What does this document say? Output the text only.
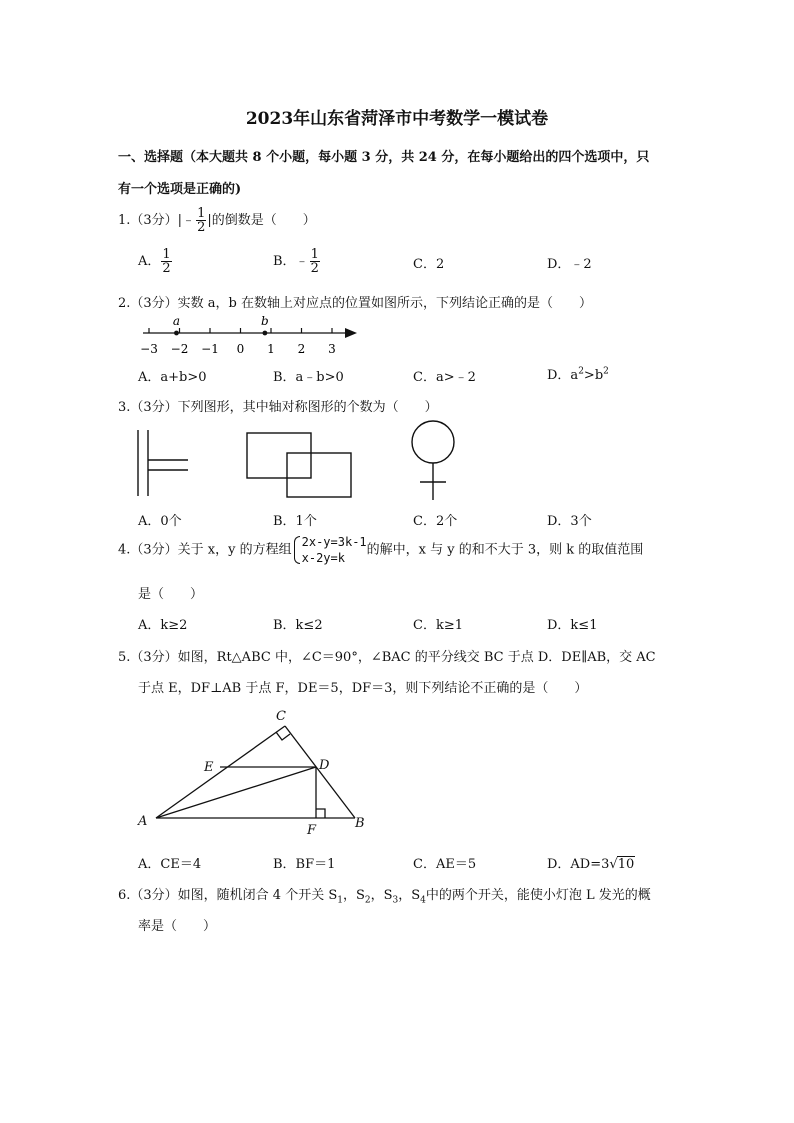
2023年山东省菏泽市中考数学一模试卷
一、选择题（本大题共 8 个小题，每小题 3 分，共 24 分，在每小题给出的四个选项中，只
有一个选项是正确的)
1.（3分）|﹣ $\frac{1}{2}$ |的倒数是（　　）
A． $\frac{1}{2}$	B．﹣ $\frac{1}{2}$	C．2	D．﹣2
2.（3分）实数 a，b 在数轴上对应点的位置如图所示，下列结论正确的是（　　）
−3 −2 −1 0 1 2 3
a	b
A．a+b>0	B．a﹣b>0	C．a>﹣2	D．$a^2>b^2$
3.（3分）下列图形，其中轴对称图形的个数为（　　）
A．0个	B．1个	C．2个	D．3个
4.（3分）关于 x，y 的方程组
2x-y=3k-1
x-2y=k
的解中，x 与 y 的和不大于 3，则 k 的取值范围
是（　　）
A．k≥2	B．k≤2	C．k≥1	D．k≤1
5.（3分）如图，Rt△ABC 中，∠C＝90°，∠BAC 的平分线交 BC 于点 D．DE∥AB，交 AC
于点 E，DF⊥AB 于点 F，DE＝5，DF＝3，则下列结论不正确的是（　　）
C
E	D
A	B
F
A．CE＝4	B．BF＝1	C．AE＝5	D．AD=3√10
6.（3分）如图，随机闭合 4 个开关 $S_1$，$S_2$，$S_3$，$S_4$中的两个开关，能使小灯泡 L 发光的概
率是（　　）
